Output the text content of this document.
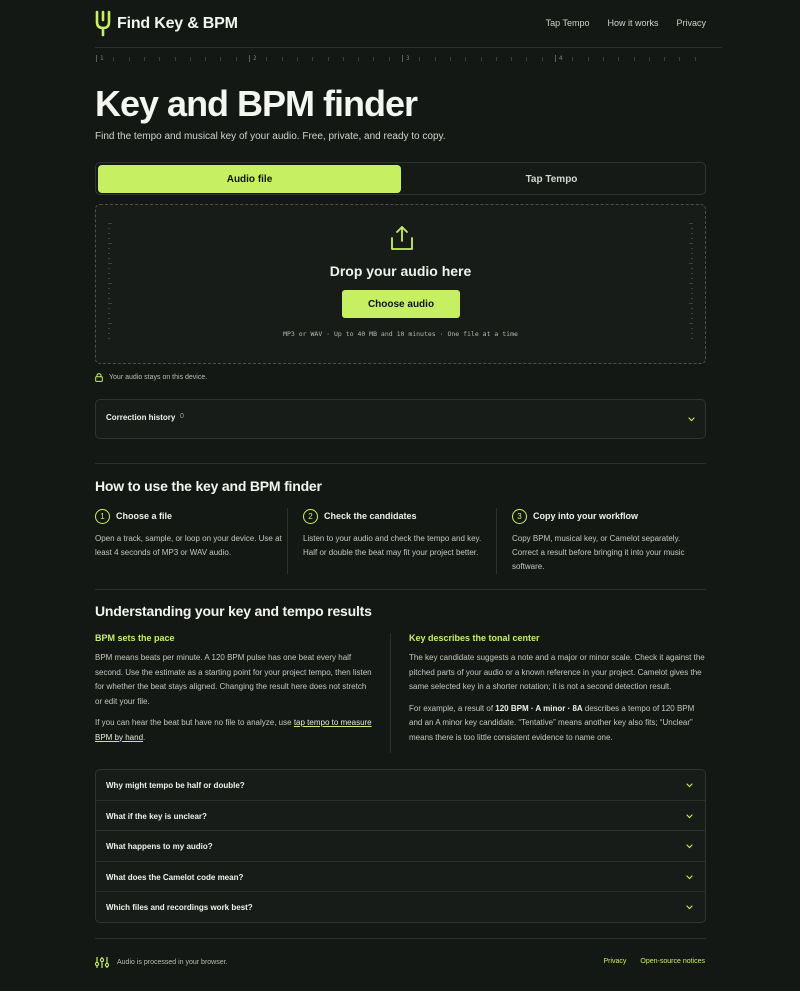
Find Key & BPM	Tap Tempo How it works Privacy
1	2	3	4
Key and BPM finder
Find the tempo and musical key of your audio. Free, private, and ready to copy.
Audio file	Tap Tempo
Drop your audio here
Choose audio
MP3 or WAV · Up to 40 MB and 10 minutes · One file at a time
Your audio stays on this device.
Correction history 0
How to use the key and BPM finder
1	Choose a file
Open a track, sample, or loop on your device. Use at least 4 seconds of MP3 or WAV audio.
2	Check the candidates
Listen to your audio and check the tempo and key. Half or double the beat may fit your project better.
3	Copy into your workflow
Copy BPM, musical key, or Camelot separately. Correct a result before bringing it into your music software.
Understanding your key and tempo results
BPM sets the pace

BPM means beats per minute. A 120 BPM pulse has one beat every half second. Use the estimate as a starting point for your project tempo, then listen for whether the beat stays aligned. Changing the result here does not stretch or edit your file.

If you can hear the beat but have no file to analyze, use tap tempo to measure BPM by hand.

Key describes the tonal center

The key candidate suggests a note and a major or minor scale. Check it against the pitched parts of your audio or a known reference in your project. Camelot gives the same selected key in a shorter notation; it is not a second detection result.

For example, a result of 120 BPM · A minor · 8A describes a tempo of 120 BPM and an A minor key candidate. “Tentative” means another key also fits; “Unclear” means there is too little consistent evidence to name one.

Why might tempo be half or double?
What if the key is unclear?
What happens to my audio?
What does the Camelot code mean?
Which files and recordings work best?
Audio is processed in your browser.	Privacy Open-source notices
